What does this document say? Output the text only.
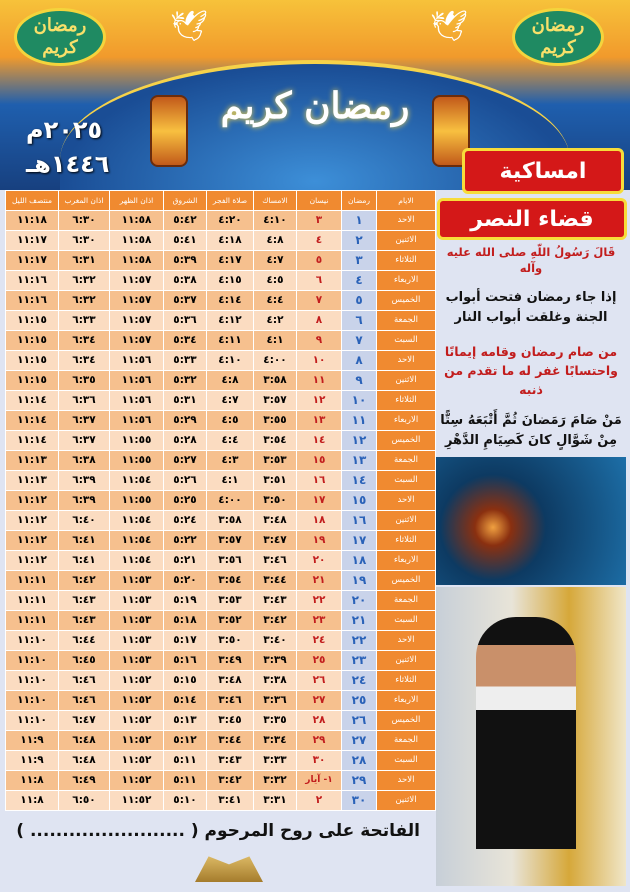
رمضان كريم
رمضان كريم
🕊	🕊
رمضان كريم
٢٠٢٥م
١٤٤٦هـ
الايام	رمضان	نيسان	الامساك	صلاة الفجر	الشروق	اذان الظهر	اذان المغرب	منتصف الليل
الاحد	١	٣	٤:١٠	٤:٢٠	٥:٤٢	١١:٥٨	٦:٣٠	١١:١٨
الاثنين	٢	٤	٤:٨	٤:١٨	٥:٤١	١١:٥٨	٦:٣٠	١١:١٧
الثلاثاء	٣	٥	٤:٧	٤:١٧	٥:٣٩	١١:٥٨	٦:٣١	١١:١٧
الاربعاء	٤	٦	٤:٥	٤:١٥	٥:٣٨	١١:٥٧	٦:٣٢	١١:١٦
الخميس	٥	٧	٤:٤	٤:١٤	٥:٣٧	١١:٥٧	٦:٣٢	١١:١٦
الجمعة	٦	٨	٤:٢	٤:١٢	٥:٣٦	١١:٥٧	٦:٣٣	١١:١٥
السبت	٧	٩	٤:١	٤:١١	٥:٣٤	١١:٥٧	٦:٣٤	١١:١٥
الاحد	٨	١٠	٤:٠٠	٤:١٠	٥:٣٣	١١:٥٦	٦:٣٤	١١:١٥
الاثنين	٩	١١	٣:٥٨	٤:٨	٥:٣٢	١١:٥٦	٦:٣٥	١١:١٥
الثلاثاء	١٠	١٢	٣:٥٧	٤:٧	٥:٣١	١١:٥٦	٦:٣٦	١١:١٤
الاربعاء	١١	١٣	٣:٥٥	٤:٥	٥:٢٩	١١:٥٦	٦:٣٧	١١:١٤
الخميس	١٢	١٤	٣:٥٤	٤:٤	٥:٢٨	١١:٥٥	٦:٣٧	١١:١٤
الجمعة	١٣	١٥	٣:٥٣	٤:٣	٥:٢٧	١١:٥٥	٦:٣٨	١١:١٣
السبت	١٤	١٦	٣:٥١	٤:١	٥:٢٦	١١:٥٤	٦:٣٩	١١:١٣
الاحد	١٥	١٧	٣:٥٠	٤:٠٠	٥:٢٥	١١:٥٥	٦:٣٩	١١:١٢
الاثنين	١٦	١٨	٣:٤٨	٣:٥٨	٥:٢٤	١١:٥٤	٦:٤٠	١١:١٢
الثلاثاء	١٧	١٩	٣:٤٧	٣:٥٧	٥:٢٢	١١:٥٤	٦:٤١	١١:١٢
الاربعاء	١٨	٢٠	٣:٤٦	٣:٥٦	٥:٢١	١١:٥٤	٦:٤١	١١:١٢
الخميس	١٩	٢١	٣:٤٤	٣:٥٤	٥:٢٠	١١:٥٣	٦:٤٢	١١:١١
الجمعة	٢٠	٢٢	٣:٤٣	٣:٥٣	٥:١٩	١١:٥٣	٦:٤٣	١١:١١
السبت	٢١	٢٣	٣:٤٢	٣:٥٢	٥:١٨	١١:٥٣	٦:٤٣	١١:١١
الاحد	٢٢	٢٤	٣:٤٠	٣:٥٠	٥:١٧	١١:٥٣	٦:٤٤	١١:١٠
الاثنين	٢٣	٢٥	٣:٣٩	٣:٤٩	٥:١٦	١١:٥٣	٦:٤٥	١١:١٠
الثلاثاء	٢٤	٢٦	٣:٣٨	٣:٤٨	٥:١٥	١١:٥٢	٦:٤٦	١١:١٠
الاربعاء	٢٥	٢٧	٣:٣٦	٣:٤٦	٥:١٤	١١:٥٢	٦:٤٦	١١:١٠
الخميس	٢٦	٢٨	٣:٣٥	٣:٤٥	٥:١٣	١١:٥٢	٦:٤٧	١١:١٠
الجمعة	٢٧	٢٩	٣:٣٤	٣:٤٤	٥:١٢	١١:٥٢	٦:٤٨	١١:٩
السبت	٢٨	٣٠	٣:٣٣	٣:٤٣	٥:١١	١١:٥٢	٦:٤٨	١١:٩
الاحد	٢٩	١- آيار	٣:٣٢	٣:٤٢	٥:١١	١١:٥٢	٦:٤٩	١١:٨
الاثنين	٣٠	٢	٣:٣١	٣:٤١	٥:١٠	١١:٥٢	٦:٥٠	١١:٨
امساكية
قضاء النصر
قَالَ رَسُولُ اللّهِ صلى الله عليه وآله
إذا جاء رمضان فتحت أبواب الجنة وغلقت أبواب النار
من صام رمضان وقامه إيمانًا واحتسابًا غفر له ما تقدم من ذنبه
مَنْ صَامَ رَمَضانَ ثُمَّ أَتْبَعَهُ سِتًّا مِنْ شَوَّالٍ كانَ كَصِيَامِ الدَّهْرِ
الفاتحة على روح المرحوم ( ........................ )
